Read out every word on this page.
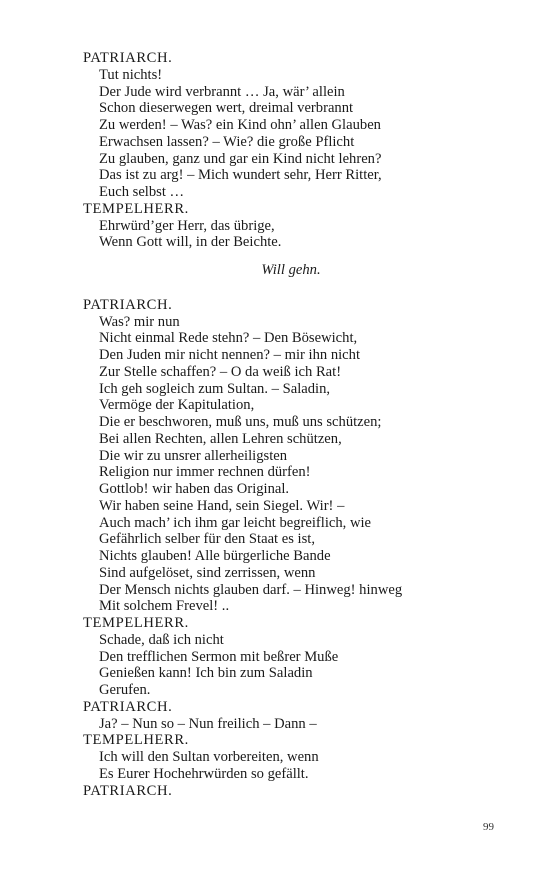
PATRIARCH.
Tut nichts!
Der Jude wird verbrannt … Ja, wär’ allein
Schon dieserwegen wert, dreimal verbrannt
Zu werden! – Was? ein Kind ohn’ allen Glauben
Erwachsen lassen? – Wie? die große Pflicht
Zu glauben, ganz und gar ein Kind nicht lehren?
Das ist zu arg! – Mich wundert sehr, Herr Ritter,
Euch selbst …
TEMPELHERR.
Ehrwürd’ger Herr, das übrige,
Wenn Gott will, in der Beichte.
Will gehn.
PATRIARCH.
Was? mir nun
Nicht einmal Rede stehn? – Den Bösewicht,
Den Juden mir nicht nennen? – mir ihn nicht
Zur Stelle schaffen? – O da weiß ich Rat!
Ich geh sogleich zum Sultan. – Saladin,
Vermöge der Kapitulation,
Die er beschworen, muß uns, muß uns schützen;
Bei allen Rechten, allen Lehren schützen,
Die wir zu unsrer allerheiligsten
Religion nur immer rechnen dürfen!
Gottlob! wir haben das Original.
Wir haben seine Hand, sein Siegel. Wir! –
Auch mach’ ich ihm gar leicht begreiflich, wie
Gefährlich selber für den Staat es ist,
Nichts glauben! Alle bürgerliche Bande
Sind aufgelöset, sind zerrissen, wenn
Der Mensch nichts glauben darf. – Hinweg! hinweg
Mit solchem Frevel! ..
TEMPELHERR.
Schade, daß ich nicht
Den trefflichen Sermon mit beßrer Muße
Genießen kann! Ich bin zum Saladin
Gerufen.
PATRIARCH.
Ja? – Nun so – Nun freilich – Dann –
TEMPELHERR.
Ich will den Sultan vorbereiten, wenn
Es Eurer Hochehrwürden so gefällt.
PATRIARCH.
99
